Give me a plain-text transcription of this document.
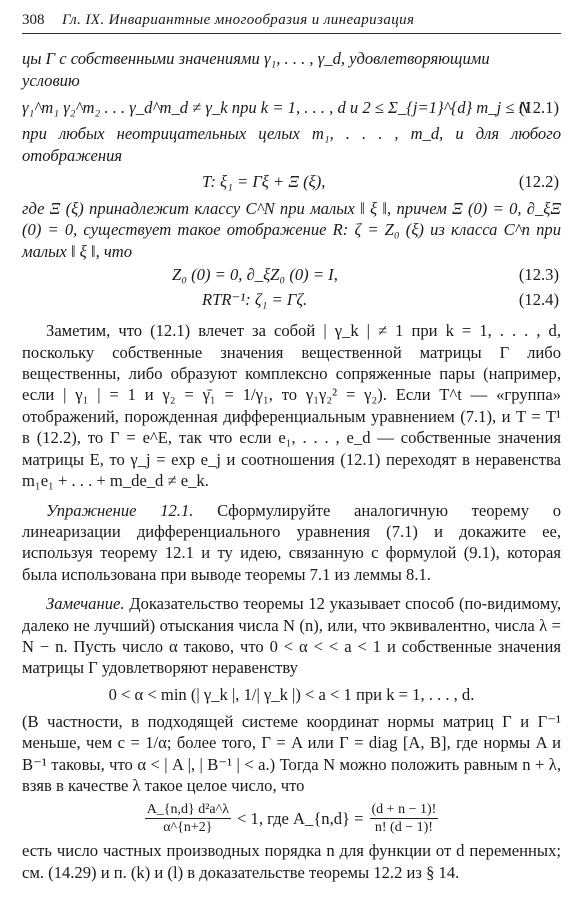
308	Гл. IX. Инвариантные многообразия и линеаризация

цы Γ с собственными значениями γ₁, . . . , γ_d, удовлетворяющими

условию

γ₁^m₁ γ₂^m₂ . . . γ_d^m_d ≠ γ_k при k = 1, . . . , d и 2 ≤ Σ_{j=1}^{d} m_j ≤ N
(12.1)

при любых неотрицательных целых m₁, . . . , m_d, и для любого отображения

T: ξ₁ = Γξ + Ξ (ξ),	(12.2)

где Ξ (ξ) принадлежит классу C^N при малых ‖ ξ ‖, причем Ξ (0) = 0, ∂_ξΞ (0) = 0, существует такое отображение R: ζ = Z₀ (ξ) из класса C^n при малых ‖ ξ ‖, что

Z₀ (0) = 0, ∂_ξZ₀ (0) = I,	(12.3)
RTR⁻¹: ζ₁ = Γζ.	(12.4)

Заметим, что (12.1) влечет за собой | γ_k | ≠ 1 при k = 1, . . . , d, поскольку собственные значения вещественной матрицы Γ либо вещественны, либо образуют комплексно сопряженные пары (например, если | γ₁ | = 1 и γ₂ = γ̄₁ = 1/γ₁, то γ₁γ₂² = γ₂). Если T^t — «группа» отображений, порожденная дифференциальным уравнением (7.1), и T = T¹ в (12.2), то Γ = e^E, так что если e₁, . . . , e_d — собственные значения матрицы E, то γ_j = exp e_j и соотношения (12.1) переходят в неравенства m₁e₁ + . . . + m_de_d ≠ e_k.

Упражнение 12.1. Сформулируйте аналогичную теорему о линеаризации дифференциального уравнения (7.1) и докажите ее, используя теорему 12.1 и ту идею, связанную с формулой (9.1), которая была использована при выводе теоремы 7.1 из леммы 8.1.

Замечание. Доказательство теоремы 12 указывает способ (по-видимому, далеко не лучший) отыскания числа N (n), или, что эквивалентно, числа λ = N − n. Пусть число α таково, что 0 < α < < a < 1 и собственные значения матрицы Γ удовлетворяют неравенству

0 < α < min (| γ_k |, 1/| γ_k |) < a < 1 при k = 1, . . . , d.

(В частности, в подходящей системе координат нормы матриц Γ и Γ⁻¹ меньше, чем c = 1/α; более того, Γ = A или Γ = diag [A, B], где нормы A и B⁻¹ таковы, что α < | A |, | B⁻¹ | < a.) Тогда N можно положить равным n + λ, взяв в качестве λ такое целое число, что

$\frac{\text{A\_\{n,d\} d²a\textasciicircum{}λ}}{\alpha\^{}\{n+2\}} < 1$, где A_{n,d} = $\frac{(d + n - 1)!}{n! (d - 1)!}$

есть число частных производных порядка n для функции от d переменных; см. (14.29) и п. (k) и (l) в доказательстве теоремы 12.2 из § 14.
